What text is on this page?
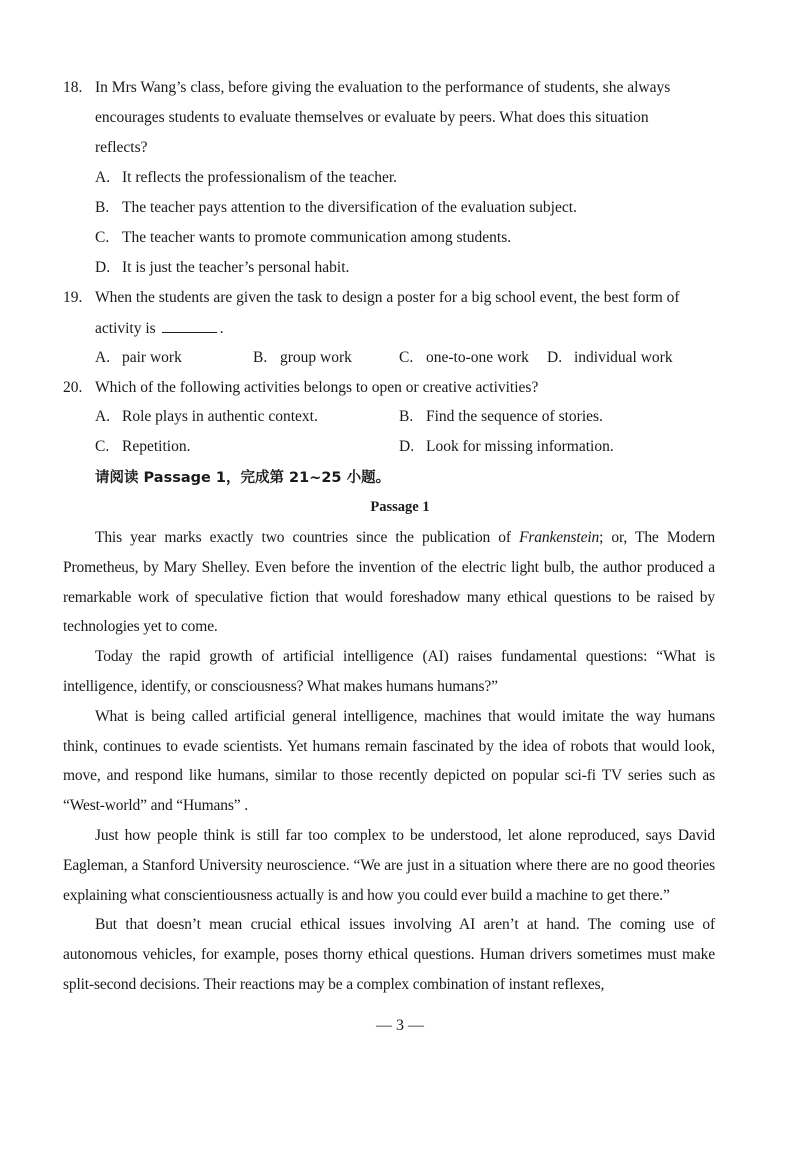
18. In Mrs Wang’s class, before giving the evaluation to the performance of students, she always
encourages students to evaluate themselves or evaluate by peers. What does this situation
reflects?
A. It reflects the professionalism of the teacher.
B. The teacher pays attention to the diversification of the evaluation subject.
C. The teacher wants to promote communication among students.
D. It is just the teacher’s personal habit.
19. When the students are given the task to design a poster for a big school event, the best form of
activity is	.
A. pair work	B. group work	C. one-to-one work D. individual work
20. Which of the following activities belongs to open or creative activities?
A. Role plays in authentic context.	B. Find the sequence of stories.
C. Repetition.	D. Look for missing information.
请阅读 Passage 1，完成第 21~25 小题。
Passage 1

This year marks exactly two countries since the publication of Frankenstein; or, The Modern Prometheus, by Mary Shelley. Even before the invention of the electric light bulb, the author produced a remarkable work of speculative fiction that would foreshadow many ethical questions to be raised by technologies yet to come.

Today the rapid growth of artificial intelligence (AI) raises fundamental questions: “What is intelligence, identify, or consciousness? What makes humans humans?”

What is being called artificial general intelligence, machines that would imitate the way humans think, continues to evade scientists. Yet humans remain fascinated by the idea of robots that would look, move, and respond like humans, similar to those recently depicted on popular sci-fi TV series such as “West-world” and “Humans” .

Just how people think is still far too complex to be understood, let alone reproduced, says David Eagleman, a Stanford University neuroscience. “We are just in a situation where there are no good theories explaining what conscientiousness actually is and how you could ever build a machine to get there.”

But that doesn’t mean crucial ethical issues involving AI aren’t at hand. The coming use of autonomous vehicles, for example, poses thorny ethical questions. Human drivers sometimes must make split-second decisions. Their reactions may be a complex combination of instant reflexes,

— 3 —
